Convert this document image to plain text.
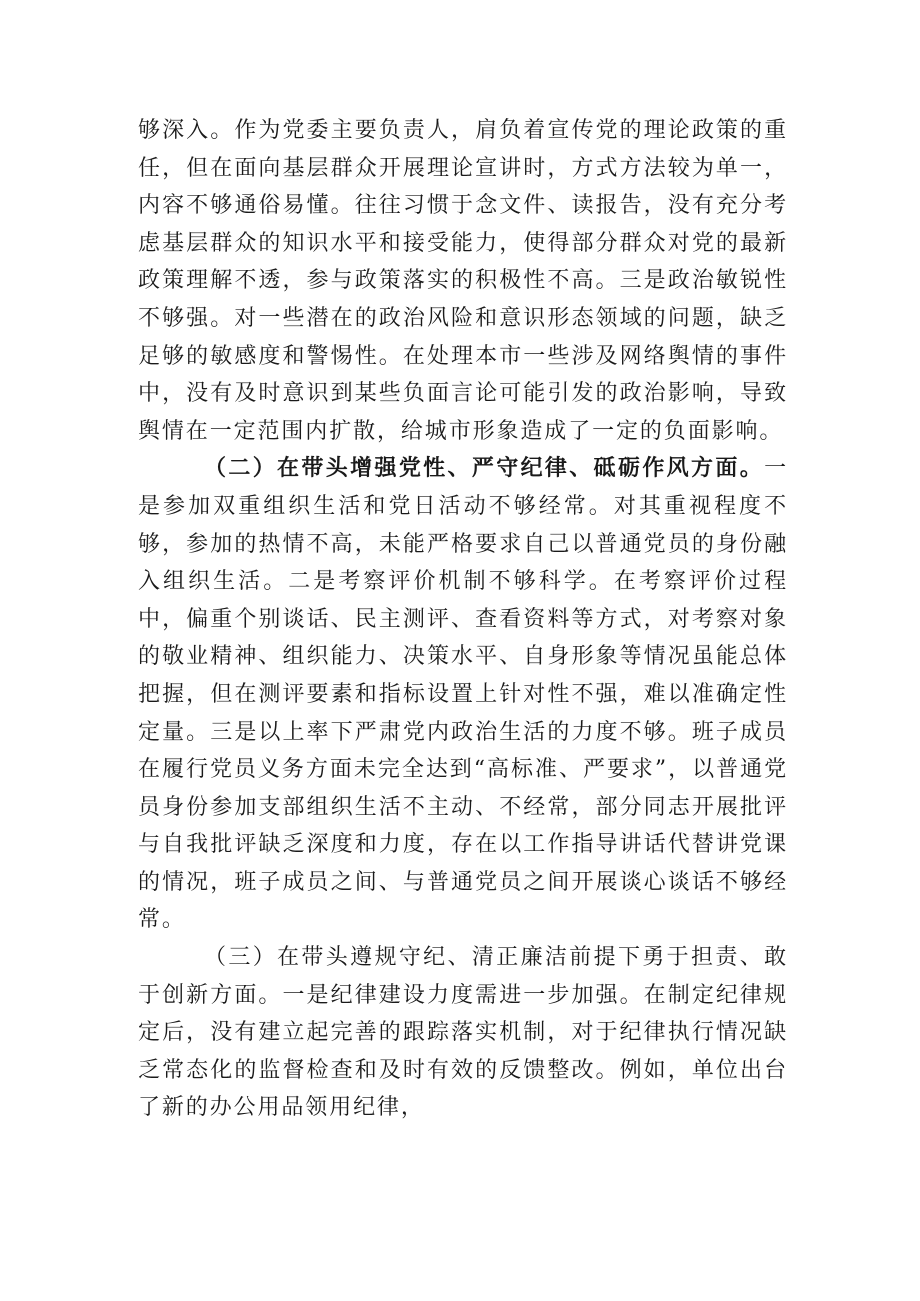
够深入。作为党委主要负责人，肩负着宣传党的理论政策的重任，但在面向基层群众开展理论宣讲时，方式方法较为单一，内容不够通俗易懂。往往习惯于念文件、读报告，没有充分考虑基层群众的知识水平和接受能力，使得部分群众对党的最新政策理解不透，参与政策落实的积极性不高。三是政治敏锐性不够强。对一些潜在的政治风险和意识形态领域的问题，缺乏足够的敏感度和警惕性。在处理本市一些涉及网络舆情的事件中，没有及时意识到某些负面言论可能引发的政治影响，导致舆情在一定范围内扩散，给城市形象造成了一定的负面影响。

（二）在带头增强党性、严守纪律、砥砺作风方面。一是参加双重组织生活和党日活动不够经常。对其重视程度不够，参加的热情不高，未能严格要求自己以普通党员的身份融入组织生活。二是考察评价机制不够科学。在考察评价过程中，偏重个别谈话、民主测评、查看资料等方式，对考察对象的敬业精神、组织能力、决策水平、自身形象等情况虽能总体把握，但在测评要素和指标设置上针对性不强，难以准确定性定量。三是以上率下严肃党内政治生活的力度不够。班子成员在履行党员义务方面未完全达到“高标准、严要求”，以普通党员身份参加支部组织生活不主动、不经常，部分同志开展批评与自我批评缺乏深度和力度，存在以工作指导讲话代替讲党课的情况，班子成员之间、与普通党员之间开展谈心谈话不够经常。

（三）在带头遵规守纪、清正廉洁前提下勇于担责、敢于创新方面。一是纪律建设力度需进一步加强。在制定纪律规定后，没有建立起完善的跟踪落实机制，对于纪律执行情况缺乏常态化的监督检查和及时有效的反馈整改。例如，单位出台了新的办公用品领用纪律，
